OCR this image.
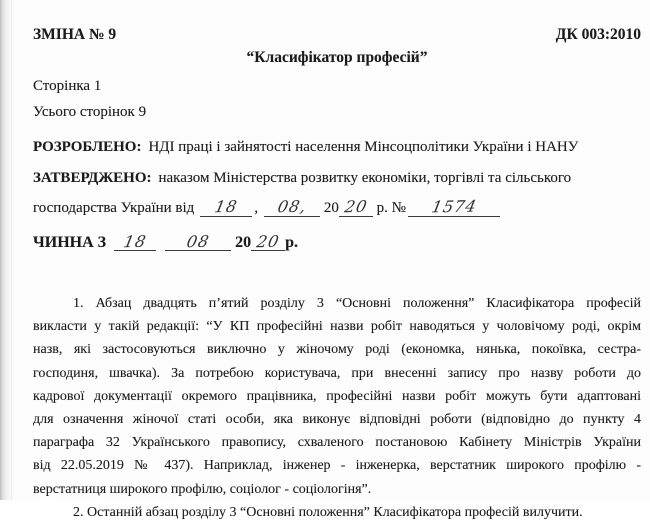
ЗМІНА № 9	ДК 003:2010
“Класифікатор професій”
Сторінка 1
Усього сторінок 9
РОЗРОБЛЕНО: НДІ праці і зайнятості населення Мінсоцполітики України і НАНУ
ЗАТВЕРДЖЕНО: наказом Міністерства розвитку економіки, торгівлі та сільського
господарства України від 18 , 08, 20 20 р. № 1574
ЧИННА З 18 08 20 20 р.
1. Абзац двадцять п’ятий розділу 3 “Основні положення” Класифікатора професій
викласти у такій редакції: “У КП професійні назви робіт наводяться у чоловічому роді, окрім
назв, які застосовуються виключно у жіночому роді (економка, нянька, покоївка, сестра-
господиня, швачка). За потребою користувача, при внесенні запису про назву роботи до
кадрової документації окремого працівника, професійні назви робіт можуть бути адаптовані
для означення жіночої статі особи, яка виконує відповідні роботи (відповідно до пункту 4
параграфа 32 Українського правопису, схваленого постановою Кабінету Міністрів України
від 22.05.2019 № 437). Наприклад, інженер - інженерка, верстатник широкого профілю -
верстатниця широкого профілю, соціолог - соціологіня”.
2. Останній абзац розділу 3 “Основні положення” Класифікатора професій вилучити.
